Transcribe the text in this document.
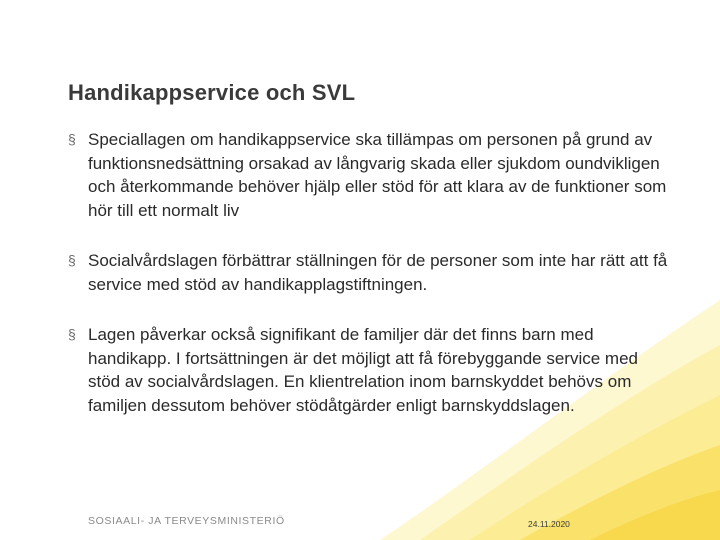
Handikappservice och SVL
§ Speciallagen om handikappservice ska tillämpas om personen på grund av funktionsnedsättning orsakad av långvarig skada eller sjukdom oundvikligen och återkommande behöver hjälp eller stöd för att klara av de funktioner som hör till ett normalt liv
§ Socialvårdslagen förbättrar ställningen för de personer som inte har rätt att få service med stöd av handikapplagstiftningen.
§ Lagen påverkar också signifikant de familjer där det finns barn med handikapp. I fortsättningen är det möjligt att få förebyggande service med stöd av socialvårdslagen. En klientrelation inom barnskyddet behövs om familjen dessutom behöver stödåtgärder enligt barnskyddslagen.
SOSIAALI- JA TERVEYSMINISTERIÖ	24.11.2020
